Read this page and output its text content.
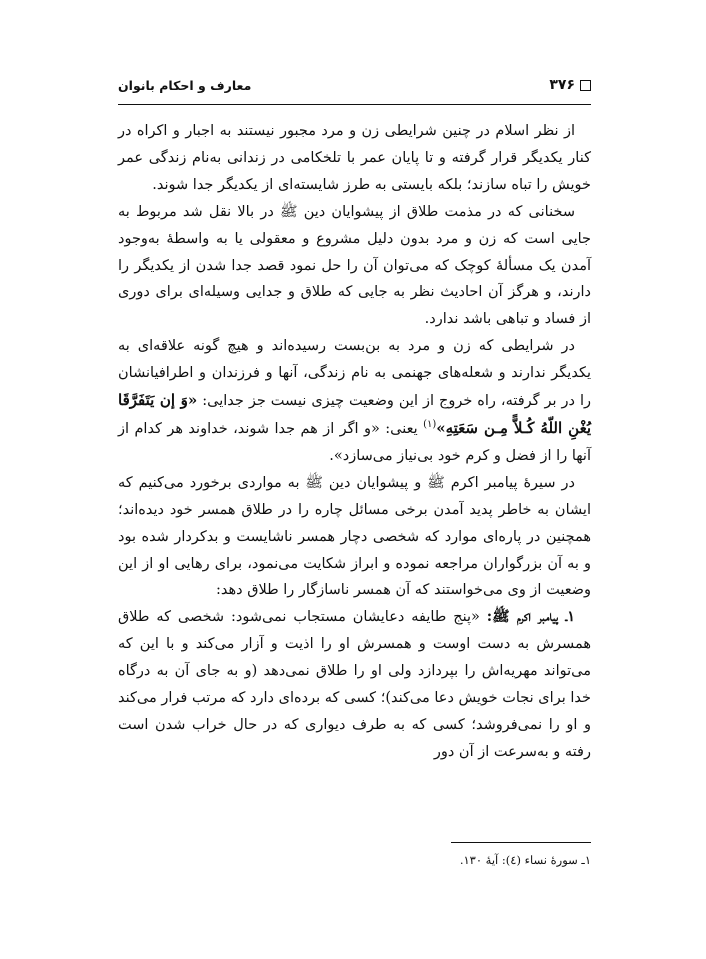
۳۷۶
معارف و احکام بانوان

از نظر اسلام در چنین شرایطی زن و مرد مجبور نیستند به اجبار و اکراه در کنار یکدیگر قرار گرفته و تا پایان عمر با تلخکامی در زندانی به‌نام زندگی عمر خویش را تباه سازند؛ بلکه بایستی به طرز شایسته‌ای از یکدیگر جدا شوند.

سخنانی که در مذمت طلاق از پیشوایان دین ﷺ در بالا نقل شد مربوط به جایی است که زن و مرد بدون دلیل مشروع و معقولی یا به واسطهٔ به‌وجود آمدن یک مسألهٔ کوچک که می‌توان آن را حل نمود قصد جدا شدن از یکدیگر را دارند، و هرگز آن احادیث نظر به جایی که طلاق و جدایی وسیله‌ای برای دوری از فساد و تباهی باشد ندارد.

در شرایطی که زن و مرد به بن‌بست رسیده‌اند و هیچ گونه علاقه‌ای به یکدیگر ندارند و شعله‌های جهنمی به نام زندگی، آنها و فرزندان و اطرافیانشان را در بر گرفته، راه خروج از این وضعیت چیزی نیست جز جدایی: «وَ إن یَتَفَرَّقَا یُغْنِ اللّهُ کُـلاًّ مِـن سَعَتِهِ»$^{(۱)}$ یعنی: «و اگر از هم جدا شوند، خداوند هر کدام از آنها را از فضل و کرم خود بی‌نیاز می‌سازد».

در سیرهٔ پیامبر اکرم ﷺ و پیشوایان دین ﷺ به مواردی برخورد می‌کنیم که ایشان به خاطر پدید آمدن برخی مسائل چاره را در طلاق همسر خود دیده‌اند؛ همچنین در پاره‌ای موارد که شخصی دچار همسر ناشایست و بدکردار شده بود و به آن بزرگواران مراجعه نموده و ابراز شکایت می‌نمود، برای رهایی او از این وضعیت از وی می‌خواستند که آن همسر ناسازگار را طلاق دهد:

۱ـ پیامبر اکرم ﷺ: «پنج طایفه دعایشان مستجاب نمی‌شود: شخصی که طلاق همسرش به دست اوست و همسرش او را اذیت و آزار می‌کند و با این که می‌تواند مهریه‌اش را بپردازد ولی او را طلاق نمی‌دهد (و به جای آن به درگاه خدا برای نجات خویش دعا می‌کند)؛ کسی که برده‌ای دارد که مرتب فرار می‌کند و او را نمی‌فروشد؛ کسی که به طرف دیواری که در حال خراب شدن است رفته و به‌سرعت از آن دور

۱ـ سورهٔ نساء (٤): آیهٔ ۱۳۰.
